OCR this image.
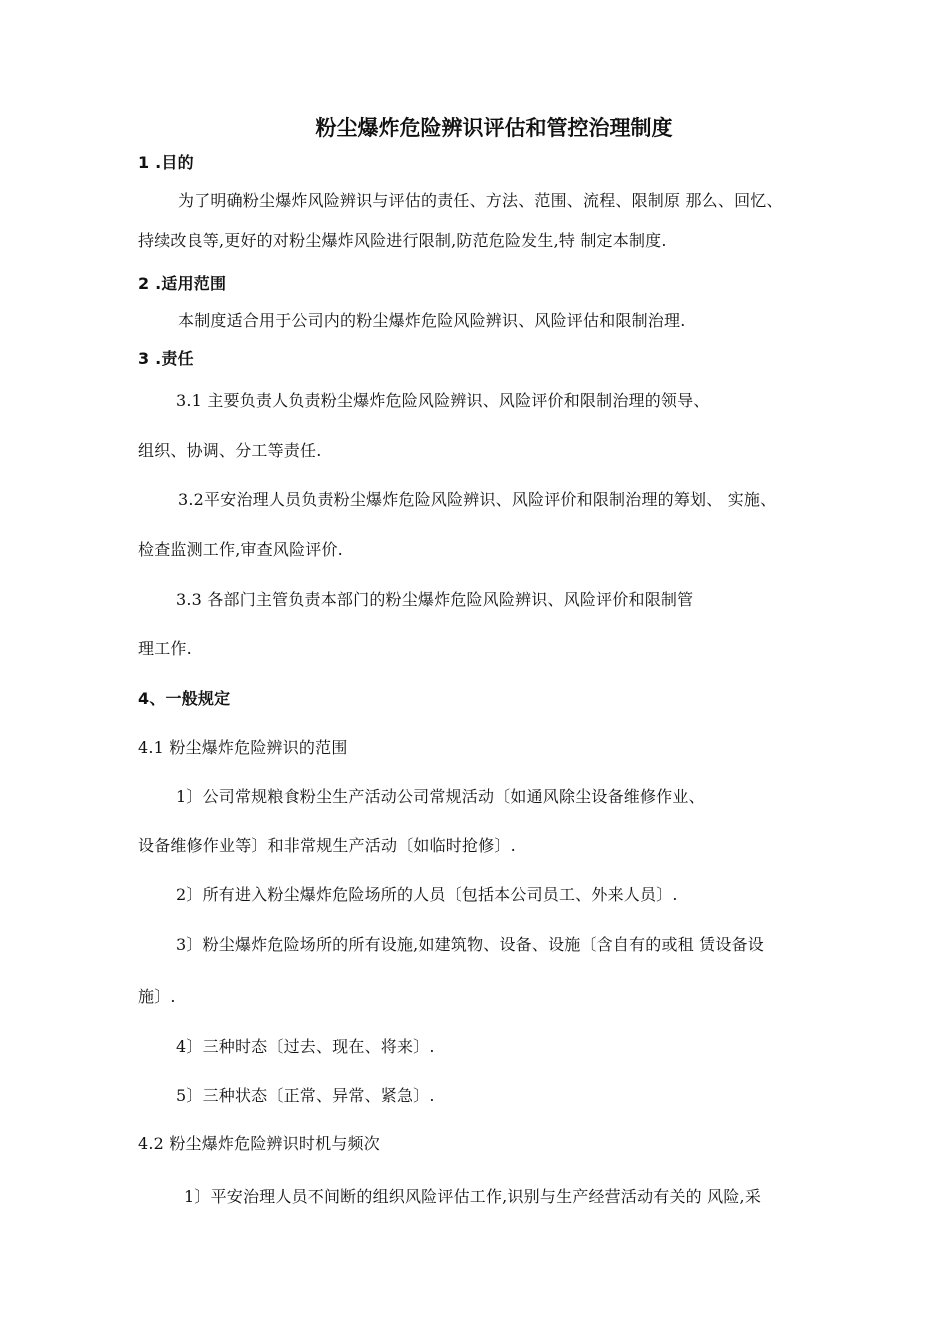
粉尘爆炸危险辨识评估和管控治理制度
1 .目的
为了明确粉尘爆炸风险辨识与评估的责任、方法、范围、流程、限制原 那么、回忆、
持续改良等,更好的对粉尘爆炸风险进行限制,防范危险发生,特 制定本制度.
2 .适用范围
本制度适合用于公司内的粉尘爆炸危险风险辨识、风险评估和限制治理.
3 .责任
3.1 主要负责人负责粉尘爆炸危险风险辨识、风险评价和限制治理的领导、
组织、协调、分工等责任.
3.2平安治理人员负责粉尘爆炸危险风险辨识、风险评价和限制治理的筹划、 实施、
检查监测工作,审查风险评价.
3.3 各部门主管负责本部门的粉尘爆炸危险风险辨识、风险评价和限制管
理工作.
4、一般规定
4.1 粉尘爆炸危险辨识的范围
1〕公司常规粮食粉尘生产活动公司常规活动〔如通风除尘设备维修作业、
设备维修作业等〕和非常规生产活动〔如临时抢修〕.
2〕所有进入粉尘爆炸危险场所的人员〔包括本公司员工、外来人员〕.
3〕粉尘爆炸危险场所的所有设施,如建筑物、设备、设施〔含自有的或租 赁设备设
施〕.
4〕三种时态〔过去、现在、将来〕.
5〕三种状态〔正常、异常、紧急〕.
4.2 粉尘爆炸危险辨识时机与频次
1〕平安治理人员不间断的组织风险评估工作,识别与生产经营活动有关的 风险,采
